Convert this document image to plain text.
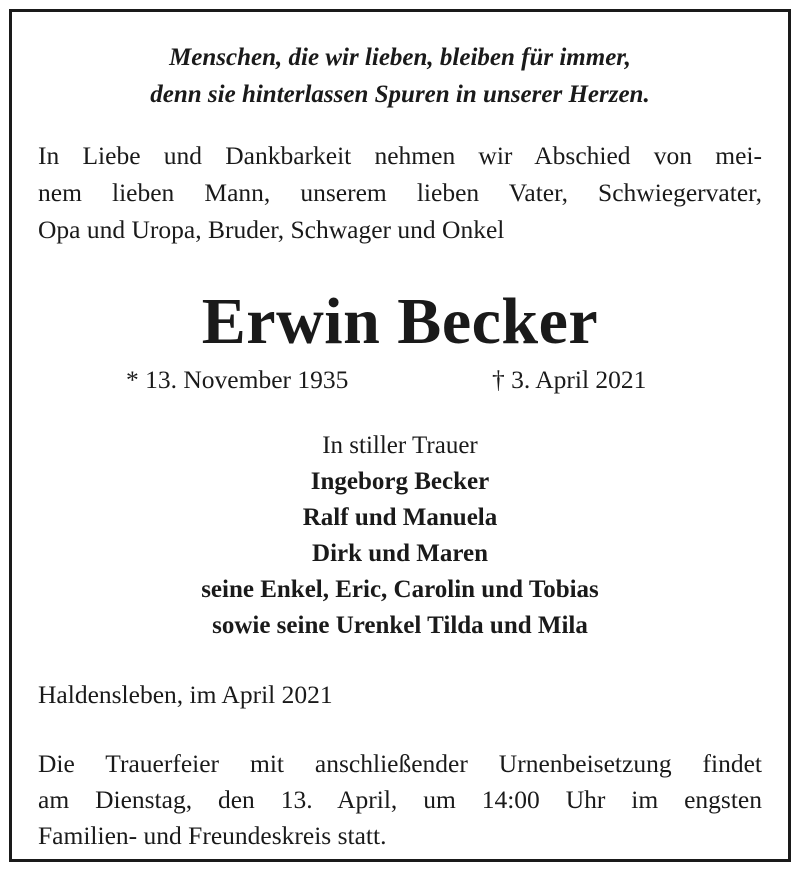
Menschen, die wir lieben, bleiben für immer,
denn sie hinterlassen Spuren in unserer Herzen.
In Liebe und Dankbarkeit nehmen wir Abschied von mei-
nem lieben Mann, unserem lieben Vater, Schwiegervater,
Opa und Uropa, Bruder, Schwager und Onkel
Erwin Becker
* 13. November 1935	† 3. April 2021
In stiller Trauer
Ingeborg Becker
Ralf und Manuela
Dirk und Maren
seine Enkel, Eric, Carolin und Tobias
sowie seine Urenkel Tilda und Mila
Haldensleben, im April 2021
Die Trauerfeier mit anschließender Urnenbeisetzung findet
am Dienstag, den 13. April, um 14:00 Uhr im engsten
Familien- und Freundeskreis statt.
